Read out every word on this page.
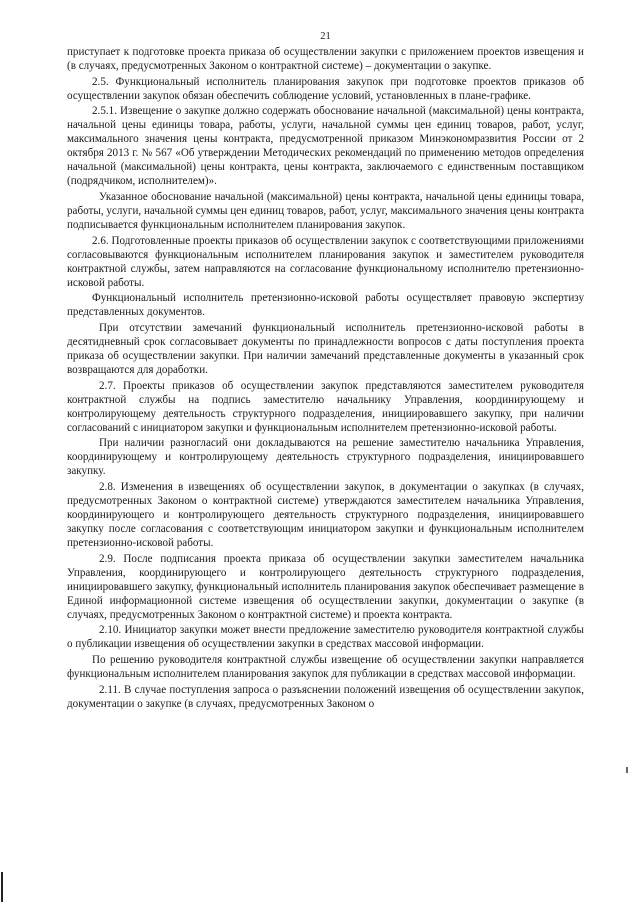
21

приступает к подготовке проекта приказа об осуществлении закупки с приложением проектов извещения и (в случаях, предусмотренных Законом о контрактной системе) – документации о закупке.

2.5. Функциональный исполнитель планирования закупок при подготовке проектов приказов об осуществлении закупок обязан обеспечить соблюдение условий, установленных в плане-графике.

2.5.1. Извещение о закупке должно содержать обоснование начальной (максимальной) цены контракта, начальной цены единицы товара, работы, услуги, начальной суммы цен единиц товаров, работ, услуг, максимального значения цены контракта, предусмотренной приказом Минэкономразвития России от 2 октября 2013 г. № 567 «Об утверждении Методических рекомендаций по применению методов определения начальной (максимальной) цены контракта, цены контракта, заключаемого с единственным поставщиком (подрядчиком, исполнителем)».

Указанное обоснование начальной (максимальной) цены контракта, начальной цены единицы товара, работы, услуги, начальной суммы цен единиц товаров, работ, услуг, максимального значения цены контракта подписывается функциональным исполнителем планирования закупок.

2.6. Подготовленные проекты приказов об осуществлении закупок с соответствующими приложениями согласовываются функциональным исполнителем планирования закупок и заместителем руководителя контрактной службы, затем направляются на согласование функциональному исполнителю претензионно-исковой работы.

Функциональный исполнитель претензионно-исковой работы осуществляет правовую экспертизу представленных документов.

При отсутствии замечаний функциональный исполнитель претензионно-исковой работы в десятидневный срок согласовывает документы по принадлежности вопросов с даты поступления проекта приказа об осуществлении закупки. При наличии замечаний представленные документы в указанный срок возвращаются для доработки.

2.7. Проекты приказов об осуществлении закупок представляются заместителем руководителя контрактной службы на подпись заместителю начальнику Управления, координирующему и контролирующему деятельность структурного подразделения, инициировавшего закупку, при наличии согласований с инициатором закупки и функциональным исполнителем претензионно-исковой работы.

При наличии разногласий они докладываются на решение заместителю начальника Управления, координирующему и контролирующему деятельность структурного подразделения, инициировавшего закупку.

2.8. Изменения в извещениях об осуществлении закупок, в документации о закупках (в случаях, предусмотренных Законом о контрактной системе) утверждаются заместителем начальника Управления, координирующего и контролирующего деятельность структурного подразделения, инициировавшего закупку после согласования с соответствующим инициатором закупки и функциональным исполнителем претензионно-исковой работы.

2.9. После подписания проекта приказа об осуществлении закупки заместителем начальника Управления, координирующего и контролирующего деятельность структурного подразделения, инициировавшего закупку, функциональный исполнитель планирования закупок обеспечивает размещение в Единой информационной системе извещения об осуществлении закупки, документации о закупке (в случаях, предусмотренных Законом о контрактной системе) и проекта контракта.

2.10. Инициатор закупки может внести предложение заместителю руководителя контрактной службы о публикации извещения об осуществлении закупки в средствах массовой информации.

По решению руководителя контрактной службы извещение об осуществлении закупки направляется функциональным исполнителем планирования закупок для публикации в средствах массовой информации.

2.11. В случае поступления запроса о разъяснении положений извещения об осуществлении закупок, документации о закупке (в случаях, предусмотренных Законом о
